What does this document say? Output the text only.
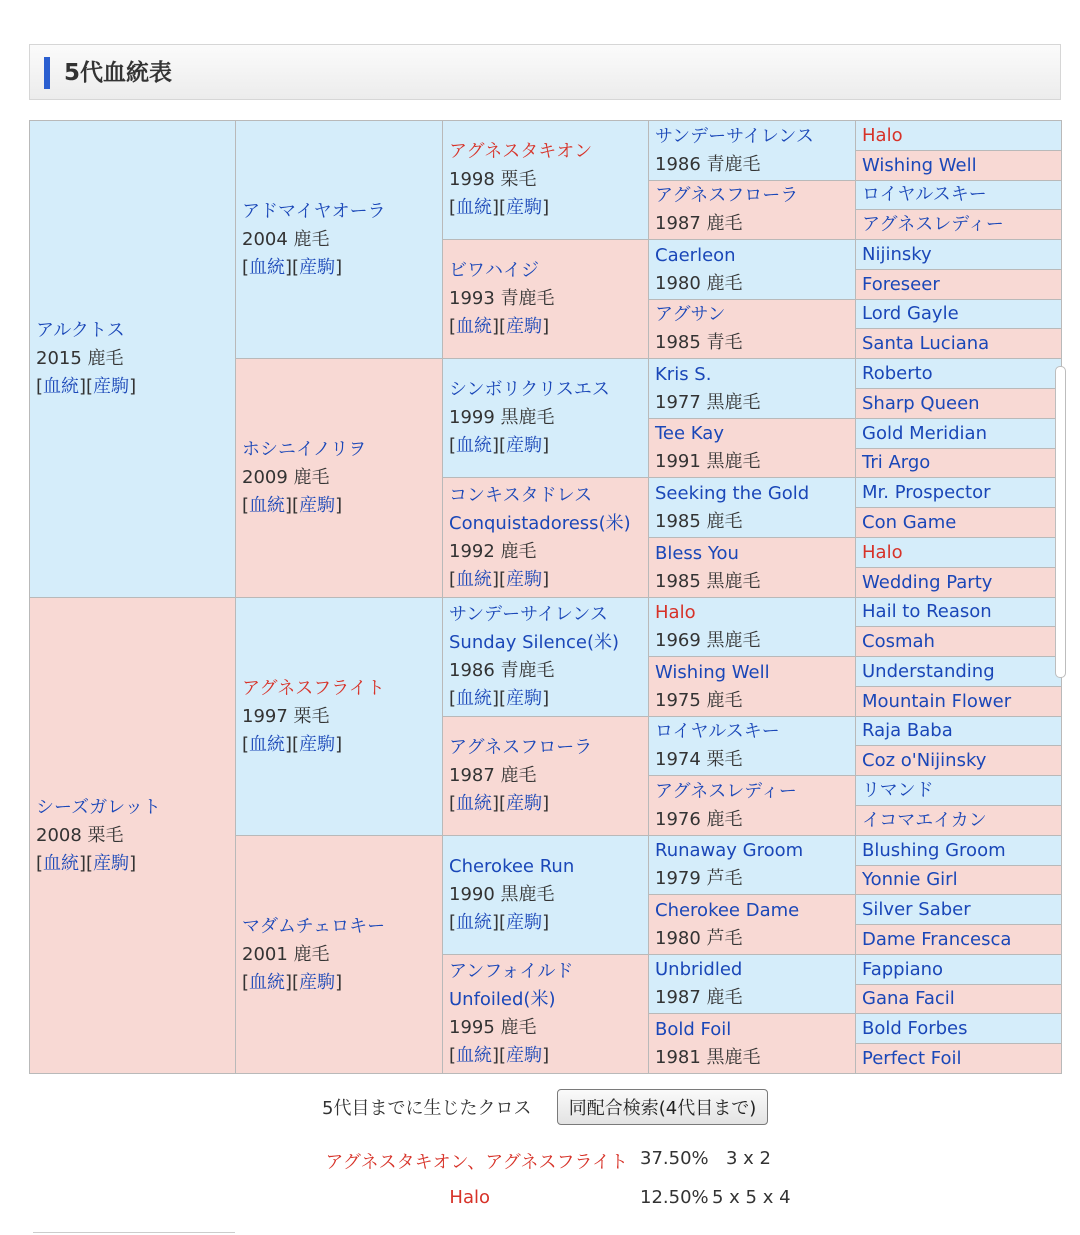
5代血統表
アルクトス
2015 鹿毛
[血統][産駒]
シーズガレット
2008 栗毛
[血統][産駒]
アドマイヤオーラ
2004 鹿毛
[血統][産駒]
ホシニイノリヲ
2009 鹿毛
[血統][産駒]
アグネスフライト
1997 栗毛
[血統][産駒]
マダムチェロキー
2001 鹿毛
[血統][産駒]
アグネスタキオン
1998 栗毛
[血統][産駒]
ビワハイジ
1993 青鹿毛
[血統][産駒]
シンボリクリスエス
1999 黒鹿毛
[血統][産駒]
コンキスタドレス
Conquistadoress(米)
1992 鹿毛
[血統][産駒]
サンデーサイレンス
Sunday Silence(米)
1986 青鹿毛
[血統][産駒]
アグネスフローラ
1987 鹿毛
[血統][産駒]
Cherokee Run
1990 黒鹿毛
[血統][産駒]
アンフォイルド
Unfoiled(米)
1995 鹿毛
[血統][産駒]
サンデーサイレンス
1986 青鹿毛
アグネスフローラ
1987 鹿毛
Caerleon
1980 鹿毛
アグサン
1985 青毛
Kris S.
1977 黒鹿毛
Tee Kay
1991 黒鹿毛
Seeking the Gold
1985 鹿毛
Bless You
1985 黒鹿毛
Halo
1969 黒鹿毛
Wishing Well
1975 鹿毛
ロイヤルスキー
1974 栗毛
アグネスレディー
1976 鹿毛
Runaway Groom
1979 芦毛
Cherokee Dame
1980 芦毛
Unbridled
1987 鹿毛
Bold Foil
1981 黒鹿毛
Halo
Wishing Well
ロイヤルスキー
アグネスレディー
Nijinsky
Foreseer
Lord Gayle
Santa Luciana
Roberto
Sharp Queen
Gold Meridian
Tri Argo
Mr. Prospector
Con Game
Halo
Wedding Party
Hail to Reason
Cosmah
Understanding
Mountain Flower
Raja Baba
Coz o'Nijinsky
リマンド
イコマエイカン
Blushing Groom
Yonnie Girl
Silver Saber
Dame Francesca
Fappiano
Gana Facil
Bold Forbes
Perfect Foil
5代目までに生じたクロス	同配合検索(4代目まで)
アグネスタキオン、アグネスフライト 37.50% 3 x 2
Halo	12.50% 5 x 5 x 4
